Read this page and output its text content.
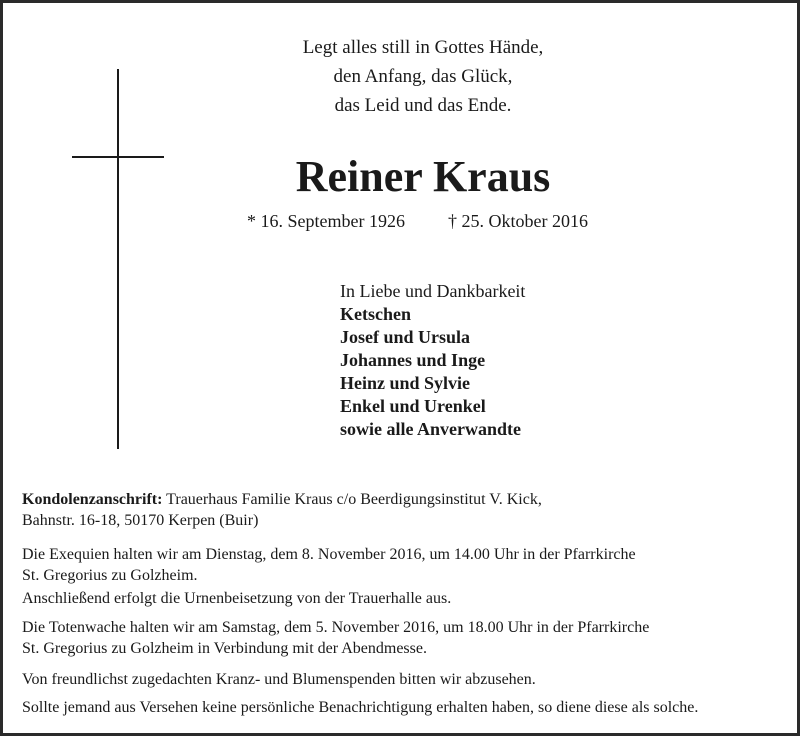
Legt alles still in Gottes Hände,
den Anfang, das Glück,
das Leid und das Ende.
Reiner Kraus
* 16. September 1926 † 25. Oktober 2016
In Liebe und Dankbarkeit
Ketschen
Josef und Ursula
Johannes und Inge
Heinz und Sylvie
Enkel und Urenkel
sowie alle Anverwandte
Kondolenzanschrift: Trauerhaus Familie Kraus c/o Beerdigungsinstitut V. Kick,
Bahnstr. 16-18, 50170 Kerpen (Buir)
Die Exequien halten wir am Dienstag, dem 8. November 2016, um 14.00 Uhr in der Pfarrkirche
St. Gregorius zu Golzheim.
Anschließend erfolgt die Urnenbeisetzung von der Trauerhalle aus.
Die Totenwache halten wir am Samstag, dem 5. November 2016, um 18.00 Uhr in der Pfarrkirche
St. Gregorius zu Golzheim in Verbindung mit der Abendmesse.
Von freundlichst zugedachten Kranz- und Blumenspenden bitten wir abzusehen.
Sollte jemand aus Versehen keine persönliche Benachrichtigung erhalten haben, so diene diese als solche.
